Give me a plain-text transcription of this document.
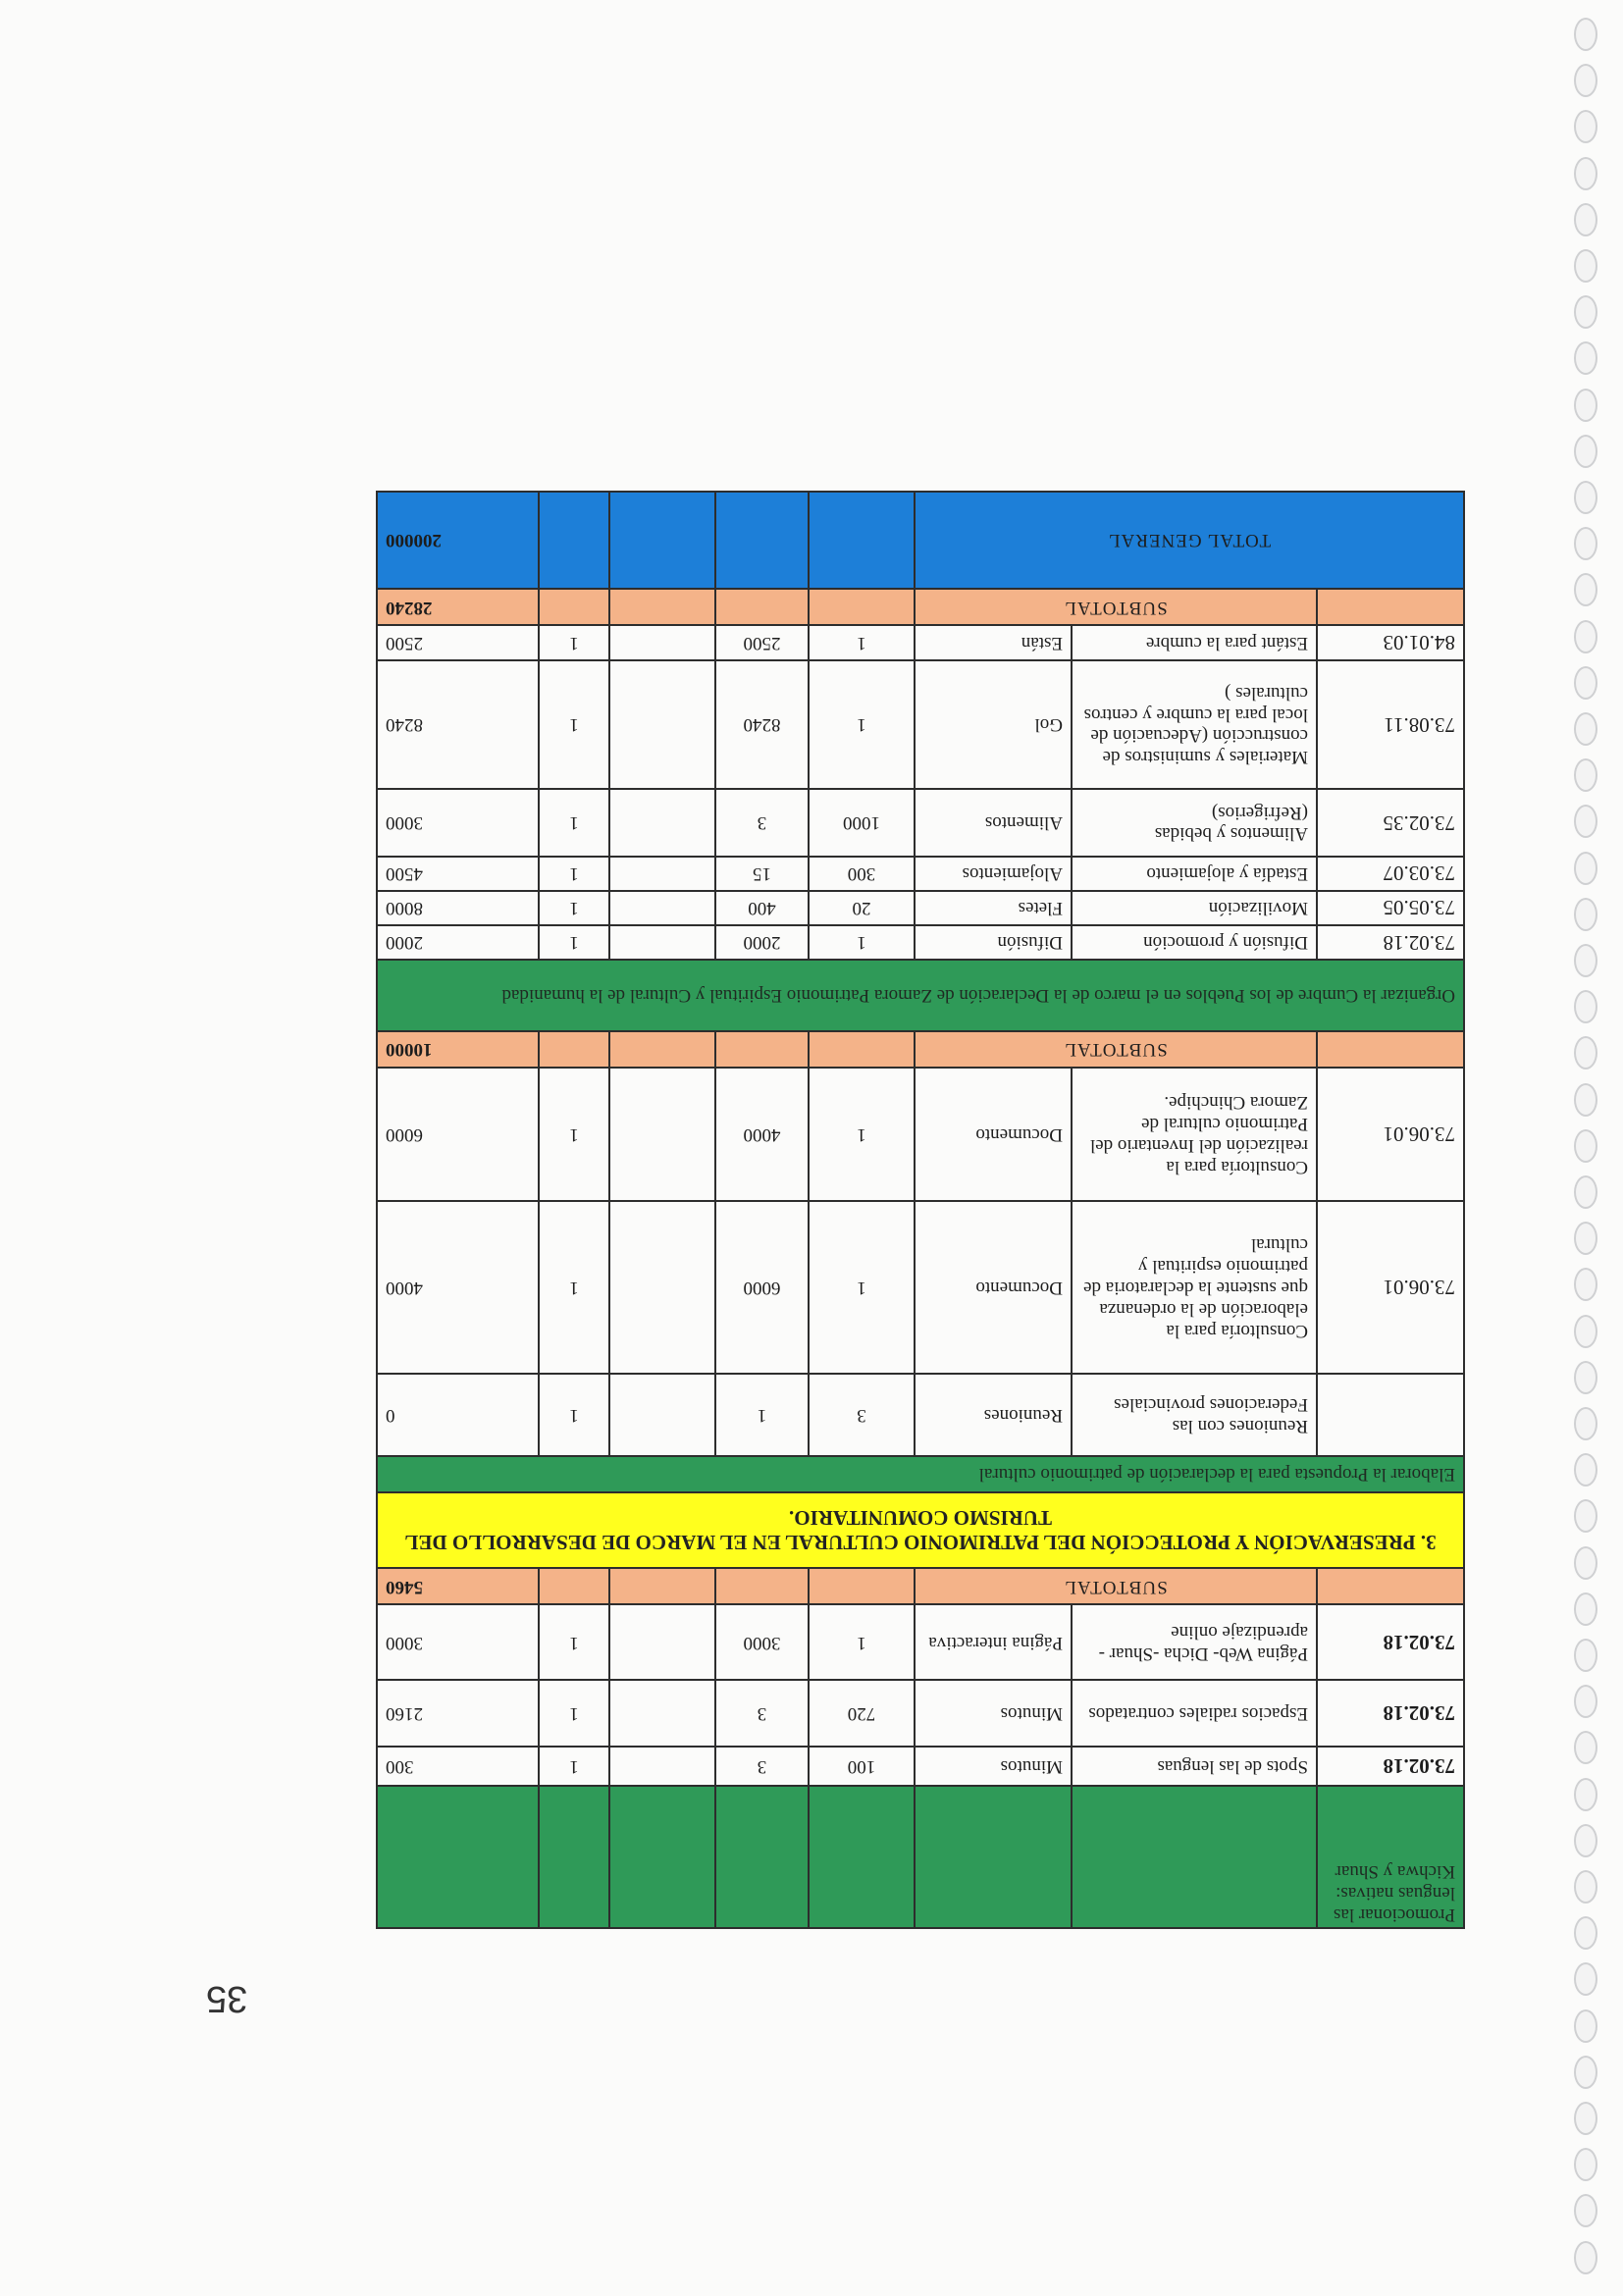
35
Promocionar las lenguas nativas: Kichwa y Shuar							
73.02.18	Spots de las lenguas	Minutos	100	3		1	300
73.02.18	Espacios radiales contratados	Minutos	720	3		1	2160
73.02.18	Página Web- Dicha -Shuar -aprendizaje online	Página interactiva	1	3000		1	3000
	SUBTOTAL						5460
3. PRESERVACIÓN Y PROTECCIÓN DEL PATRIMONIO CULTURAL EN EL MARCO DE DESARROLLO DEL TURISMO COMUNITARIO.							
Elaborar la Propuesta para la declaración de patrimonio cultural							
	Reuniones con las Federaciones provinciales	Reuniones	3	1		1	0
73.06.01	Consultoría para la elaboración de la ordenanza que sustente la declaratoria de patrimonio espiritual y cultural	Documento	1	6000		1	4000
73.06.01	Consultoría para la realización del Inventario del Patrimonio cultural de Zamora Chinchipe.	Documento	1	4000		1	6000
	SUBTOTAL						10000
Organizar la Cumbre de los Pueblos en el marco de la Declaración de Zamora Patrimonio Espiritual y Cultural de la humanidad							
73.02.18	Difusión y promoción	Difusión	1	2000		1	2000
73.05.05	Movilización	Fletes	20	400		1	8000
73.03.07	Estadía y alojamiento	Alojamientos	300	15		1	4500
73.02.35	Alimentos y bebidas (Refrigerios)	Alimentos	1000	3		1	3000
73.08.11	Materiales y suministros de construcción (Adecuación de local para la cumbre y centros culturales )	Gol	1	8240		1	8240
84.01.03	Estánt para la cumbre	Están	1	2500		1	2500
	SUBTOTAL						28240
TOTAL GENERAL							200000
